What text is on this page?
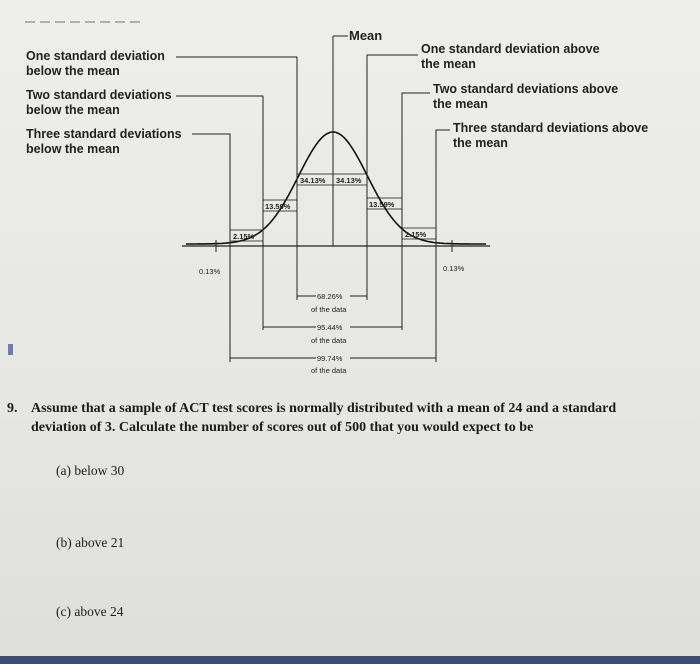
34.13% 34.13%
13.59%	13.59%
2.15%	2.15%
0.13%	0.13%
68.26%
of the data
95.44%
of the data
99.74%
of the data
Mean
One standard deviation
below the mean
Two standard deviations
below the mean
Three standard deviations
below the mean
One standard deviation above
the mean
Two standard deviations above
the mean
Three standard deviations above
the mean
9. Assume that a sample of ACT test scores is normally distributed with a mean of 24 and a standard
deviation of 3. Calculate the number of scores out of 500 that you would expect to be
(a) below 30
(b) above 21
(c) above 24
